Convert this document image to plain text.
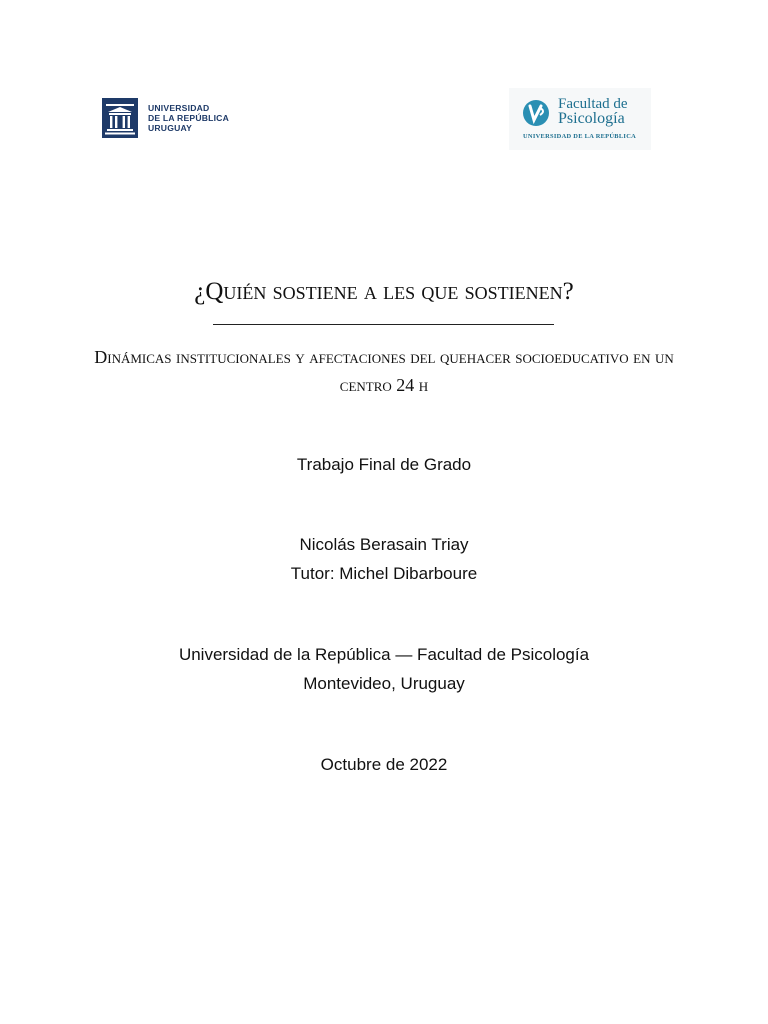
UNIVERSIDAD
DE LA REPÚBLICA
URUGUAY
Facultad de
Psicología
UNIVERSIDAD DE LA REPÚBLICA
¿Quién sostiene a les que sostienen?
Dinámicas institucionales y afectaciones del quehacer socioeducativo en un centro 24 h
Trabajo Final de Grado
Nicolás Berasain Triay
Tutor: Michel Dibarboure
Universidad de la República — Facultad de Psicología
Montevideo, Uruguay
Octubre de 2022
